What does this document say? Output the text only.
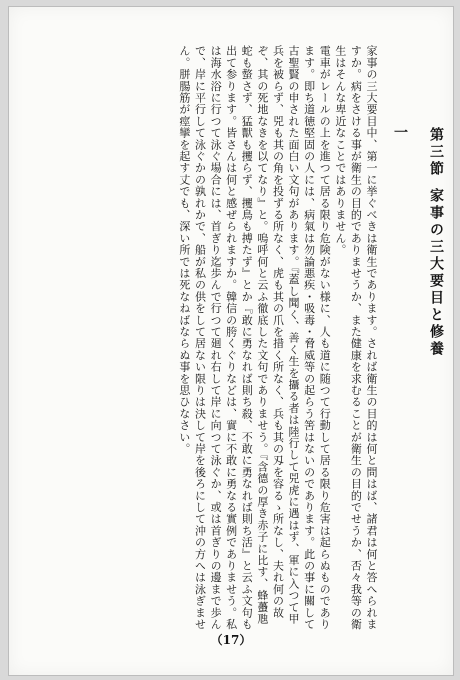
第三節家事の三大要目と修養
一

家事の三大要目中、第一に挙ぐべきは衛生であります。されば衛生の目的は何と問はば、諸君は何と答へられますか。病をさける事が衛生の目的でありませうか、また健康を求むることが衛生の目的でせうか、否々我等の衛生はそんな卑近なことではありません。

電車がレールの上を進つて居る限り危険がない様に、人も道に随つて行動して居る限り危害は起らぬものであります。即ち道徳堅固の人には、病氣は勿論悪疾・吸毒・脅威等の起らう筈はないのであります。此の事に關して古聖賢の申された面白い文句があります。『蓋し聞く、善く生を攝る者は陸行して兕虎に遇はず、軍に入つて甲兵を被らず、兕も其の角を投ずる所なく、虎も其の爪を措く所なく、兵も其の刄を容るゝ所なし、夫れ何の故ぞ、其の死地なきを以てなり』と。嗚呼何と云ふ徹底した文句でありませう。『含德の厚き赤子に比す、蜂蠆虺蛇も螫さず、猛獸も攫らず、攫鳥も搏たず』とか『敢に勇なれば則ち殺、不敢に勇なれば則ち活』と云ふ文句も出て参ります。皆さんは何と感ぜられますか。韓信の胯くぐりなどは、實に不敢に勇なる實例でありませう。私は海水浴に行つて泳ぐ場合には、首ぎり迄歩んで行つて廻れ右して岸に向つて泳ぐか、或は首ぎりの邊まで歩んで、岸に平行して泳ぐかの孰れかで、船が私の供をして居ない限りは決して岸を後ろにして沖の方へは泳ぎません。胼腸筋が痙攣を起す丈でも、深い所では死なねばならぬ事を思ひなさい。

（17）
